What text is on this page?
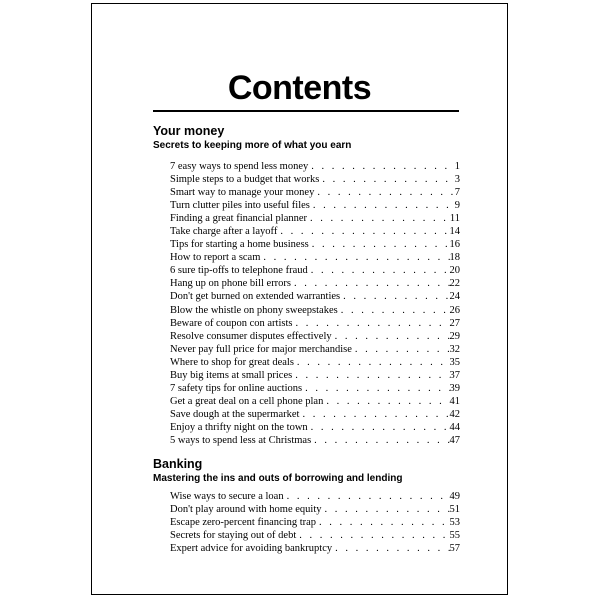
Contents
Your money
Secrets to keeping more of what you earn
7 easy ways to spend less money . . .	1
Simple steps to a budget that works . . .	3
Smart way to manage your money . . .	7
Turn clutter piles into useful files . . .	9
Finding a great financial planner . . .	11
Take charge after a layoff . . .	14
Tips for starting a home business . . .	16
How to report a scam . . .	18
6 sure tip-offs to telephone fraud . . .	20
Hang up on phone bill errors . . .	22
Don't get burned on extended warranties . . .	24
Blow the whistle on phony sweepstakes . . .	26
Beware of coupon con artists . . .	27
Resolve consumer disputes effectively . . .	29
Never pay full price for major merchandise . . .	32
Where to shop for great deals . . .	35
Buy big items at small prices . . .	37
7 safety tips for online auctions . . .	39
Get a great deal on a cell phone plan . . .	41
Save dough at the supermarket . . .	42
Enjoy a thrifty night on the town . . .	44
5 ways to spend less at Christmas . . .	47
Banking
Mastering the ins and outs of borrowing and lending
Wise ways to secure a loan . . .	49
Don't play around with home equity . . .	51
Escape zero-percent financing trap . . .	53
Secrets for staying out of debt . . .	55
Expert advice for avoiding bankruptcy . . .	57
